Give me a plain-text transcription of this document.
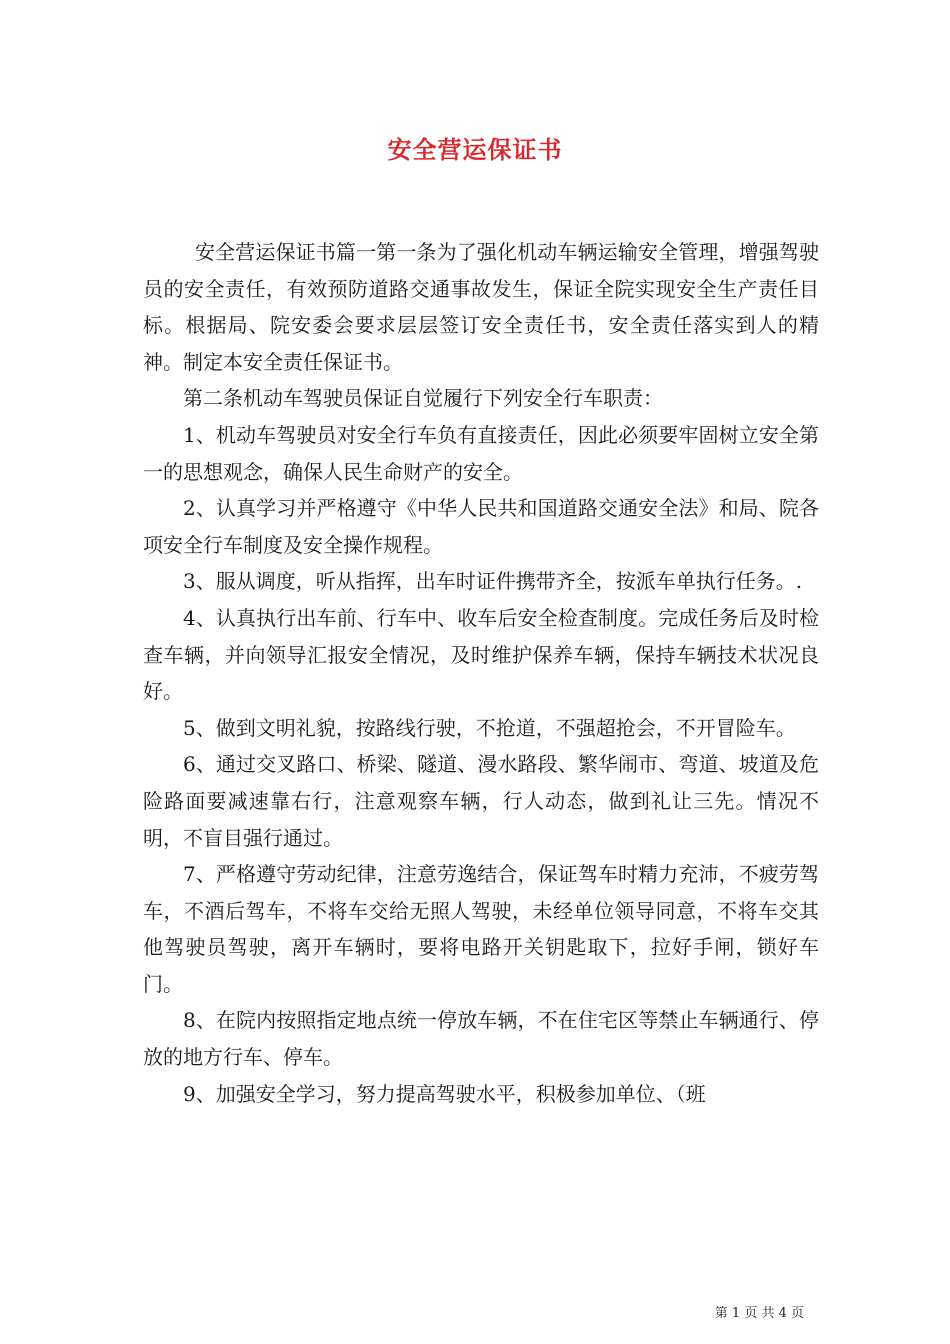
安全营运保证书

安全营运保证书篇一第一条为了强化机动车辆运输安全管理，增强驾驶员的安全责任，有效预防道路交通事故发生，保证全院实现安全生产责任目标。根据局、院安委会要求层层签订安全责任书，安全责任落实到人的精神。制定本安全责任保证书。

第二条机动车驾驶员保证自觉履行下列安全行车职责：

1、机动车驾驶员对安全行车负有直接责任，因此必须要牢固树立安全第一的思想观念，确保人民生命财产的安全。

2、认真学习并严格遵守《中华人民共和国道路交通安全法》和局、院各项安全行车制度及安全操作规程。

3、服从调度，听从指挥，出车时证件携带齐全，按派车单执行任务。.

4、认真执行出车前、行车中、收车后安全检查制度。完成任务后及时检查车辆，并向领导汇报安全情况，及时维护保养车辆，保持车辆技术状况良好。

5、做到文明礼貌，按路线行驶，不抢道，不强超抢会，不开冒险车。

6、通过交叉路口、桥梁、隧道、漫水路段、繁华闹市、弯道、坡道及危险路面要减速靠右行，注意观察车辆，行人动态，做到礼让三先。情况不明，不盲目强行通过。

7、严格遵守劳动纪律，注意劳逸结合，保证驾车时精力充沛，不疲劳驾车，不酒后驾车，不将车交给无照人驾驶，未经单位领导同意，不将车交其他驾驶员驾驶，离开车辆时，要将电路开关钥匙取下，拉好手闸，锁好车门。

8、在院内按照指定地点统一停放车辆，不在住宅区等禁止车辆通行、停放的地方行车、停车。

9、加强安全学习，努力提高驾驶水平，积极参加单位、（班

第 1 页 共 4 页
